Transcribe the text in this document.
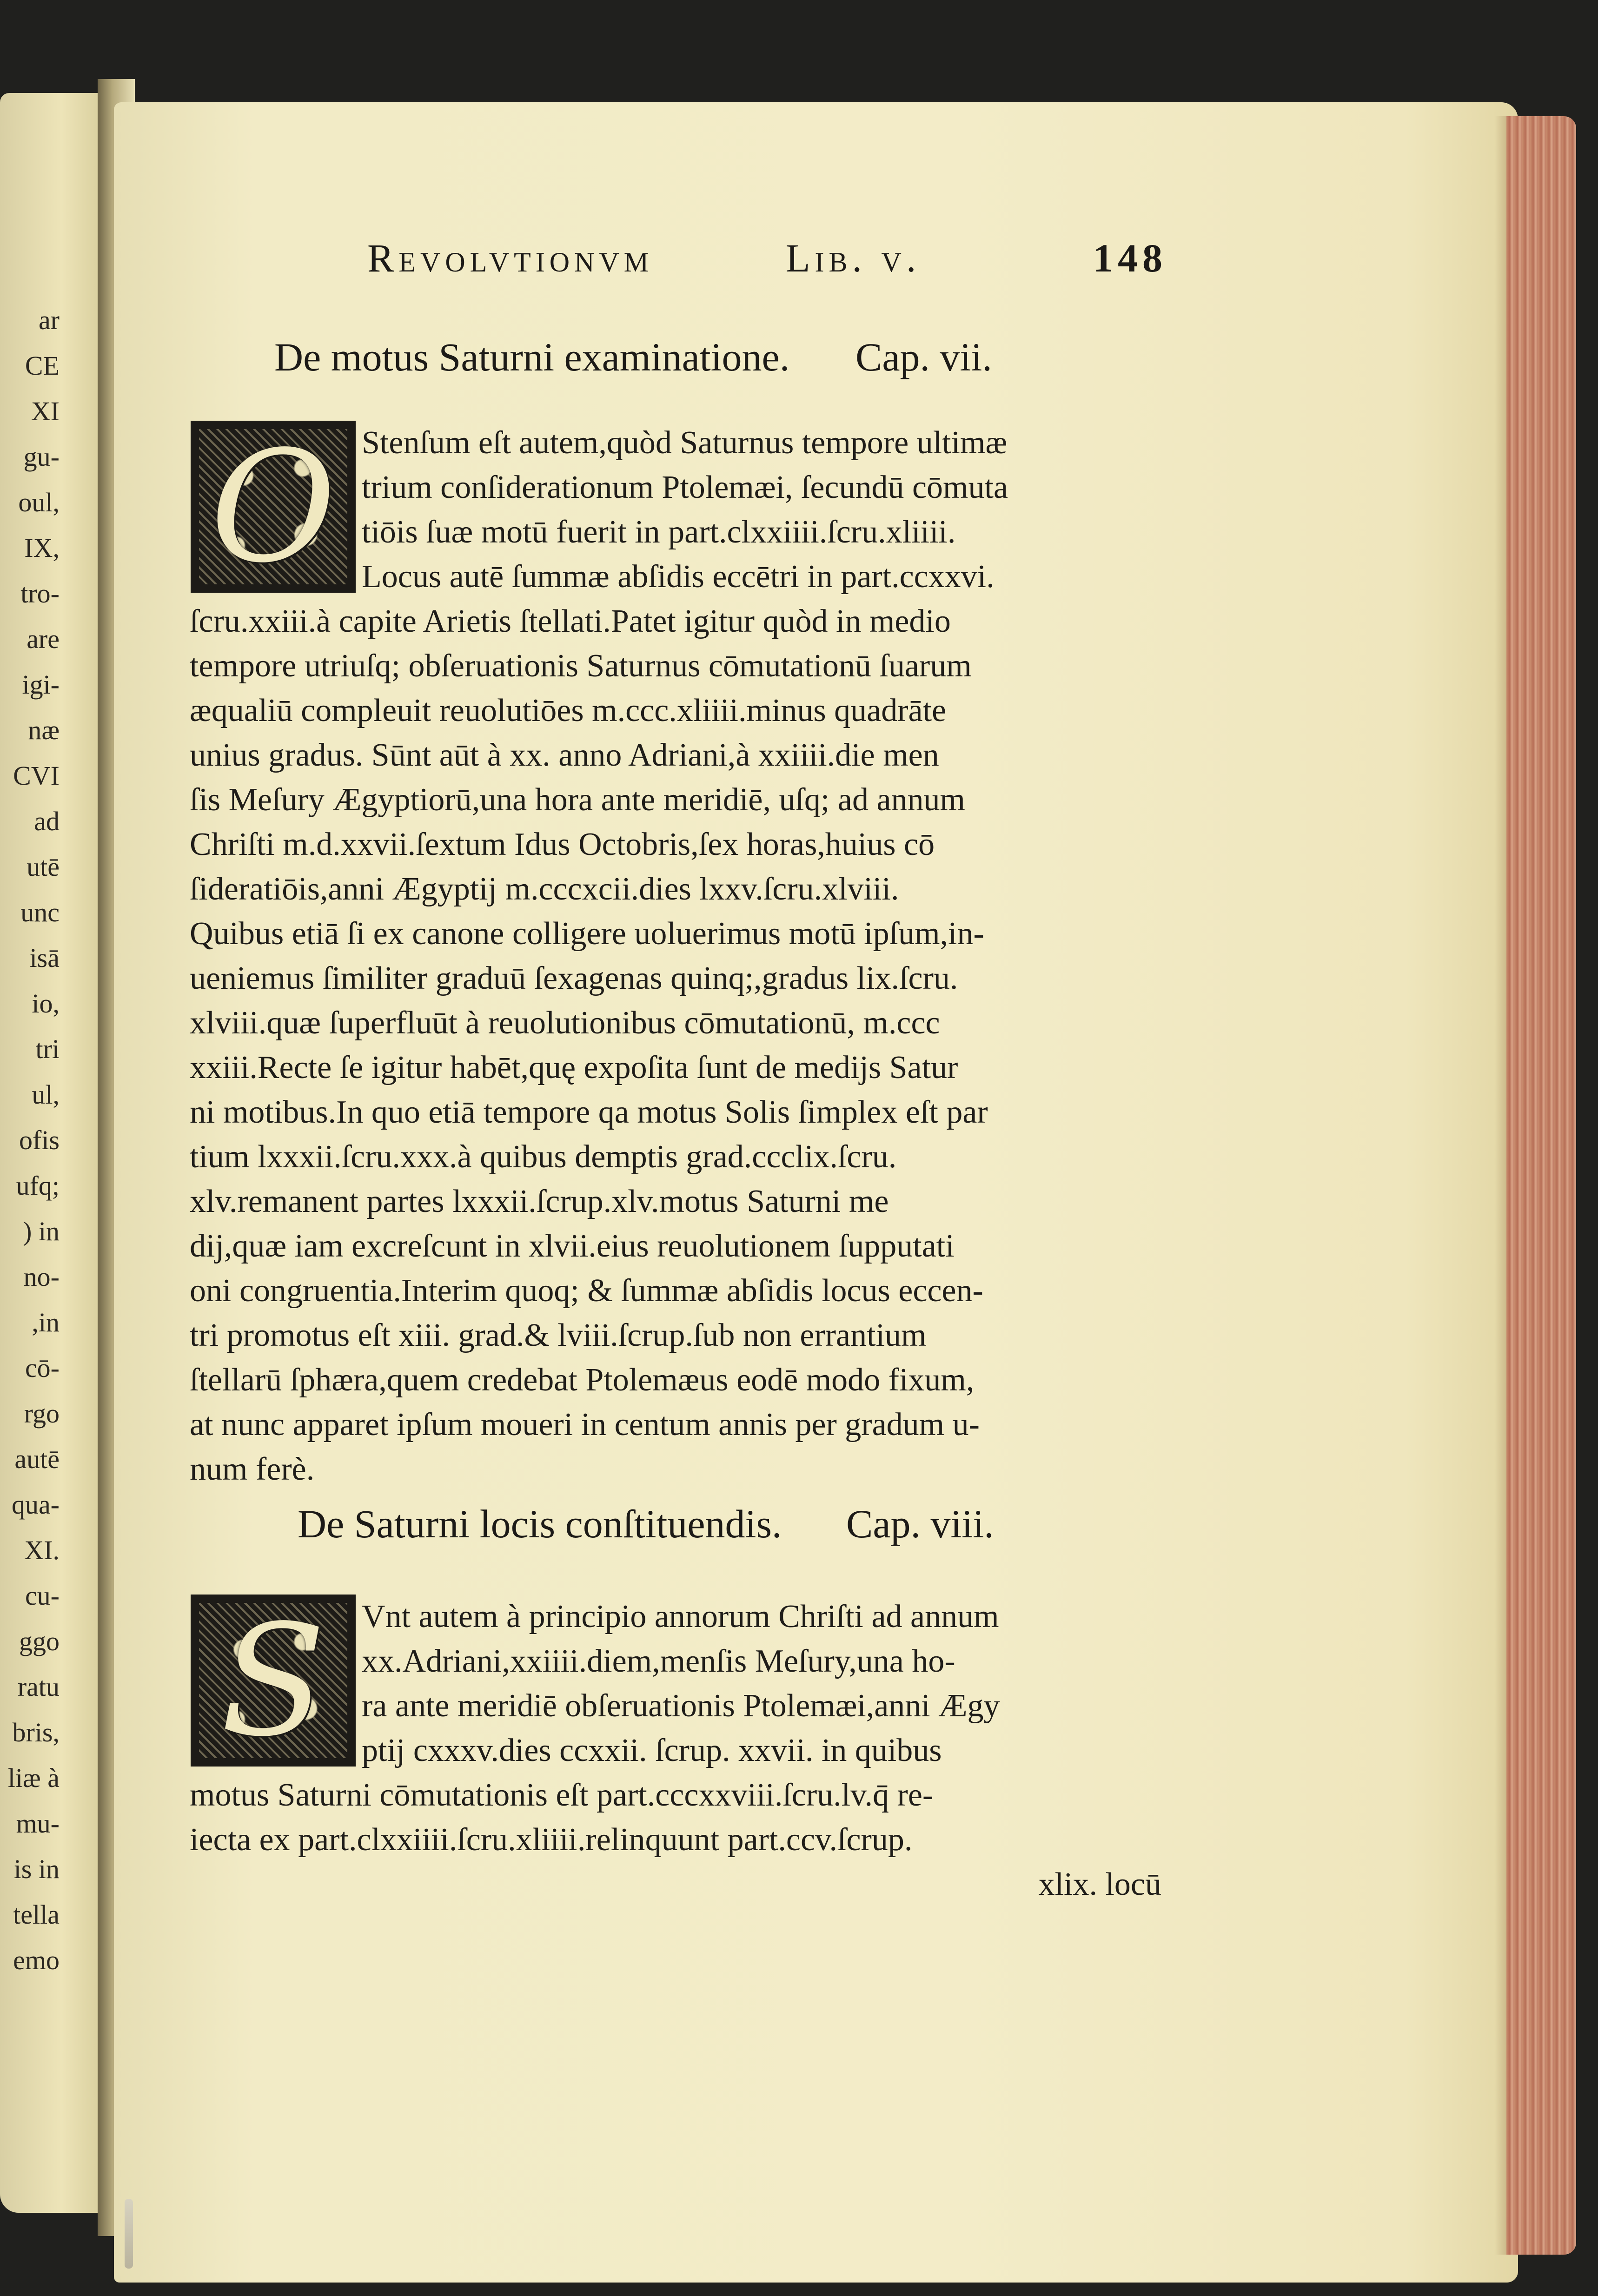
ar
CE
XI
gu-
oul,
IX,
tro-
are
igi-
næ
CVI
ad
utē
unc
isā
io,
tri
ul,
ofis
ufq;
) in
no-
,in
cō-
rgo
autē
qua-
XI.
cu-
ggo
ratu
bris,
liæ à
mu-
is in
tella
emo
Revolvtionvm	Lib. v.	148
De motus Saturni examinatione. Cap. vii.
O Stenſum eſt autem,quòd Saturnus tempore ultimæ
trium conſiderationum Ptolemæi, ſecundū cōmuta
tiōis ſuæ motū fuerit in part.clxxiiii.ſcru.xliiii.
Locus autē ſummæ abſidis eccētri in part.ccxxvi.
ſcru.xxiii.à capite Arietis ſtellati.Patet igitur quòd in medio
tempore utriuſq; obſeruationis Saturnus cōmutationū ſuarum
æqualiū compleuit reuolutiōes m.ccc.xliiii.minus quadrāte
unius gradus. Sūnt aūt à xx. anno Adriani,à xxiiii.die men
ſis Meſury Ægyptiorū,una hora ante meridiē, uſq; ad annum
Chriſti m.d.xxvii.ſextum Idus Octobris,ſex horas,huius cō
ſideratiōis,anni Ægyptij m.cccxcii.dies lxxv.ſcru.xlviii.
Quibus etiā ſi ex canone colligere uoluerimus motū ipſum,in-
ueniemus ſimiliter graduū ſexagenas quinq;,gradus lix.ſcru.
xlviii.quæ ſuperfluūt à reuolutionibus cōmutationū, m.ccc
xxiii.Recte ſe igitur habēt,quę expoſita ſunt de medijs Satur
ni motibus.In quo etiā tempore qa motus Solis ſimplex eſt par
tium lxxxii.ſcru.xxx.à quibus demptis grad.ccclix.ſcru.
xlv.remanent partes lxxxii.ſcrup.xlv.motus Saturni me
dij,quæ iam excreſcunt in xlvii.eius reuolutionem ſupputati
oni congruentia.Interim quoq; & ſummæ abſidis locus eccen-
tri promotus eſt xiii. grad.& lviii.ſcrup.ſub non errantium
ſtellarū ſphæra,quem credebat Ptolemæus eodē modo fixum,
at nunc apparet ipſum moueri in centum annis per gradum u-
num ferè.
De Saturni locis conſtituendis. Cap. viii.
S	Vnt autem à principio annorum Chriſti ad annum
xx.Adriani,xxiiii.diem,menſis Meſury,una ho-
ra ante meridiē obſeruationis Ptolemæi,anni Ægy
ptij cxxxv.dies ccxxii. ſcrup. xxvii. in quibus
motus Saturni cōmutationis eſt part.cccxxviii.ſcru.lv.q̄ re-
iecta ex part.clxxiiii.ſcru.xliiii.relinquunt part.ccv.ſcrup.
xlix. locū
